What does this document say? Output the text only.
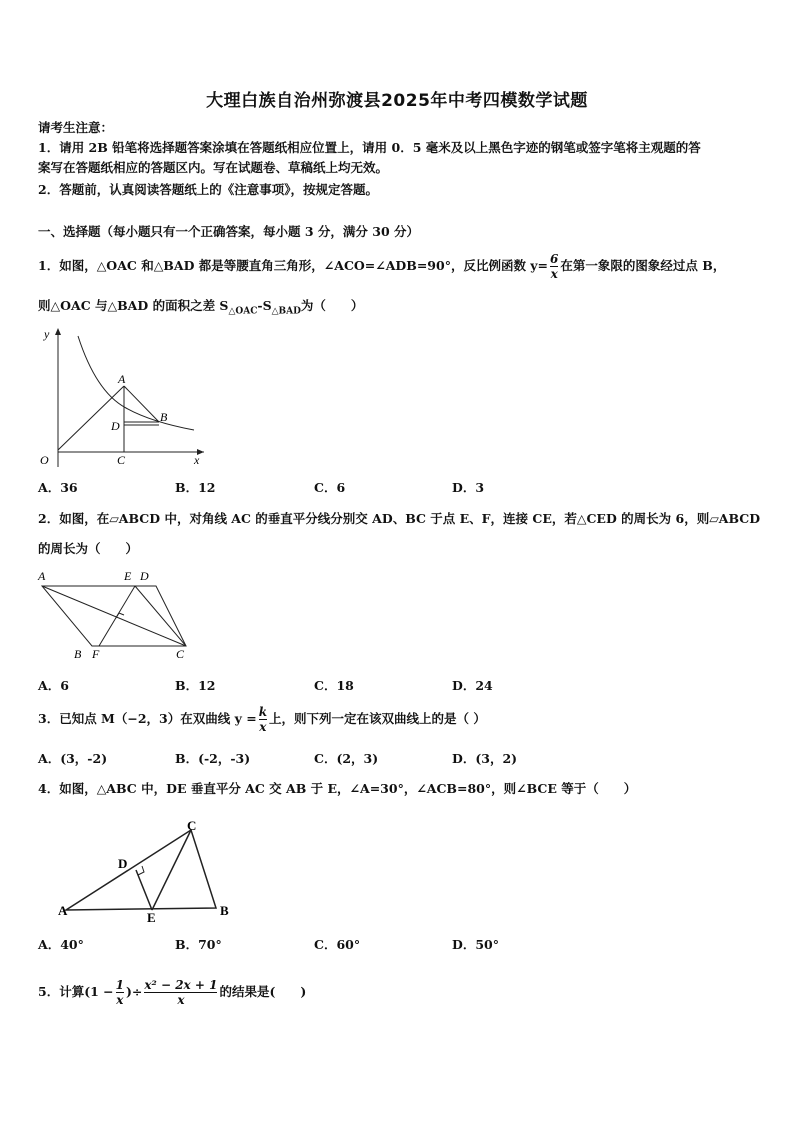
大理白族自治州弥渡县2025年中考四模数学试题
请考生注意：
1．请用 2B 铅笔将选择题答案涂填在答题纸相应位置上，请用 0．5 毫米及以上黑色字迹的钢笔或签字笔将主观题的答
案写在答题纸相应的答题区内。写在试题卷、草稿纸上均无效。
2．答题前，认真阅读答题纸上的《注意事项》，按规定答题。
一、选择题（每小题只有一个正确答案，每小题 3 分，满分 30 分）
1．如图，△OAC 和△BAD 都是等腰直角三角形，∠ACO=∠ADB=90°，反比例函数 $y= \frac{6}{x}$ 在第一象限的图象经过点 B，
则△OAC 与△BAD 的面积之差 $S_{\triangle OAC}-S_{\triangle BAD}$为（　　）
y
x
O
A
B
C
D
A．36	B．12	C．6	D．3
2．如图，在▱ABCD 中，对角线 AC 的垂直平分线分别交 AD、BC 于点 E、F，连接 CE，若△CED 的周长为 6，则▱ABCD
的周长为（　　）
A	E D
B F	C
A．6	B．12	C．18	D．24
3．已知点 M（−2，3）在双曲线 $y = \frac{k}{x}$ 上，则下列一定在该双曲线上的是（ ）
A．(3，-2)	B．(-2，-3)	C．(2，3)	D．(3，2)
4．如图，△ABC 中，DE 垂直平分 AC 交 AB 于 E，∠A=30°，∠ACB=80°，则∠BCE 等于（　　）
A	B
C
D
E
A．40°	B．70°	C．60°	D．50°
5．计算($1 - \frac{1}{x}$ )÷ $\frac{\text{x² − 2x + 1}}{x}$ 的结果是(　　)
